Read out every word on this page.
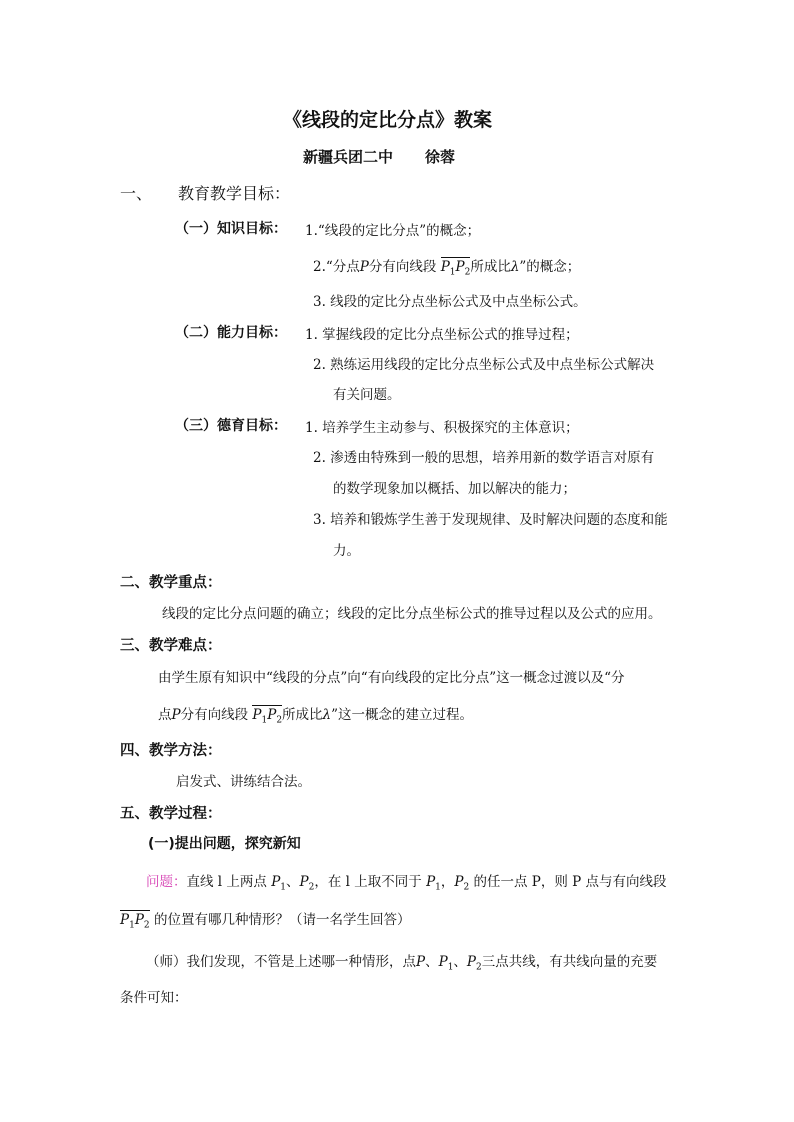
《线段的定比分点》教案
新疆兵团二中 徐蓉
一、 教育教学目标：
（一）知识目标： 1.“线段的定比分点”的概念；
2.“分点P分有向线段 $P_1P_2$所成比λ”的概念；
3. 线段的定比分点坐标公式及中点坐标公式。
（二）能力目标： 1. 掌握线段的定比分点坐标公式的推导过程；
2. 熟练运用线段的定比分点坐标公式及中点坐标公式解决
有关问题。
（三）德育目标： 1. 培养学生主动参与、积极探究的主体意识；
2. 渗透由特殊到一般的思想，培养用新的数学语言对原有
的数学现象加以概括、加以解决的能力；
3. 培养和锻炼学生善于发现规律、及时解决问题的态度和能
力。
二、教学重点：
线段的定比分点问题的确立；线段的定比分点坐标公式的推导过程以及公式的应用。
三、教学难点：
由学生原有知识中“线段的分点”向“有向线段的定比分点”这一概念过渡以及“分
点P分有向线段 $P_1P_2$所成比λ”这一概念的建立过程。
四、教学方法：
启发式、讲练结合法。
五、教学过程：
(一)提出问题，探究新知
问题：直线 l 上两点 $P_1$、$P_2$，在 l 上取不同于 $P_1$，$P_2$ 的任一点 P，则 P 点与有向线段
$P_1P_2$ 的位置有哪几种情形？（请一名学生回答）
（师）我们发现，不管是上述哪一种情形，点P、$P_1$、$P_2$三点共线，有共线向量的充要
条件可知：
